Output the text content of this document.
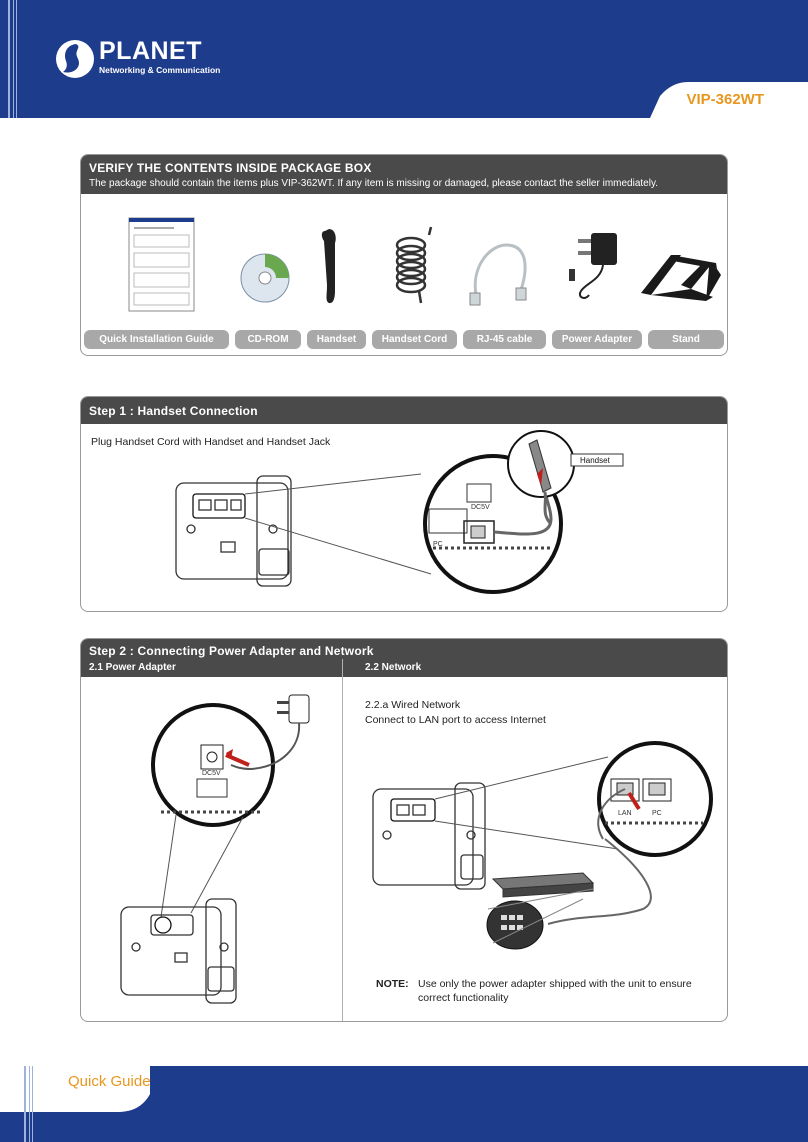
PLANET
Networking & Communication
VIP-362WT
VERIFY THE CONTENTS INSIDE PACKAGE BOX
The package should contain the items plus VIP-362WT. If any item is missing or damaged, please contact the seller immediately.
Quick Installation Guide	CD-ROM	Handset	Handset Cord	RJ-45 cable	Power Adapter	Stand
Step 1 : Handset Connection
Plug Handset Cord with Handset and Handset Jack
DC5V
PC
Handset
Step 2 : Connecting Power Adapter and Network
2.1 Power Adapter	2.2 Network
DC5V
2.2.a Wired Network
Connect to LAN port to access Internet
LAN	PC
NOTE: Use only the power adapter shipped with the unit to ensure
correct functionality
Quick Guide
